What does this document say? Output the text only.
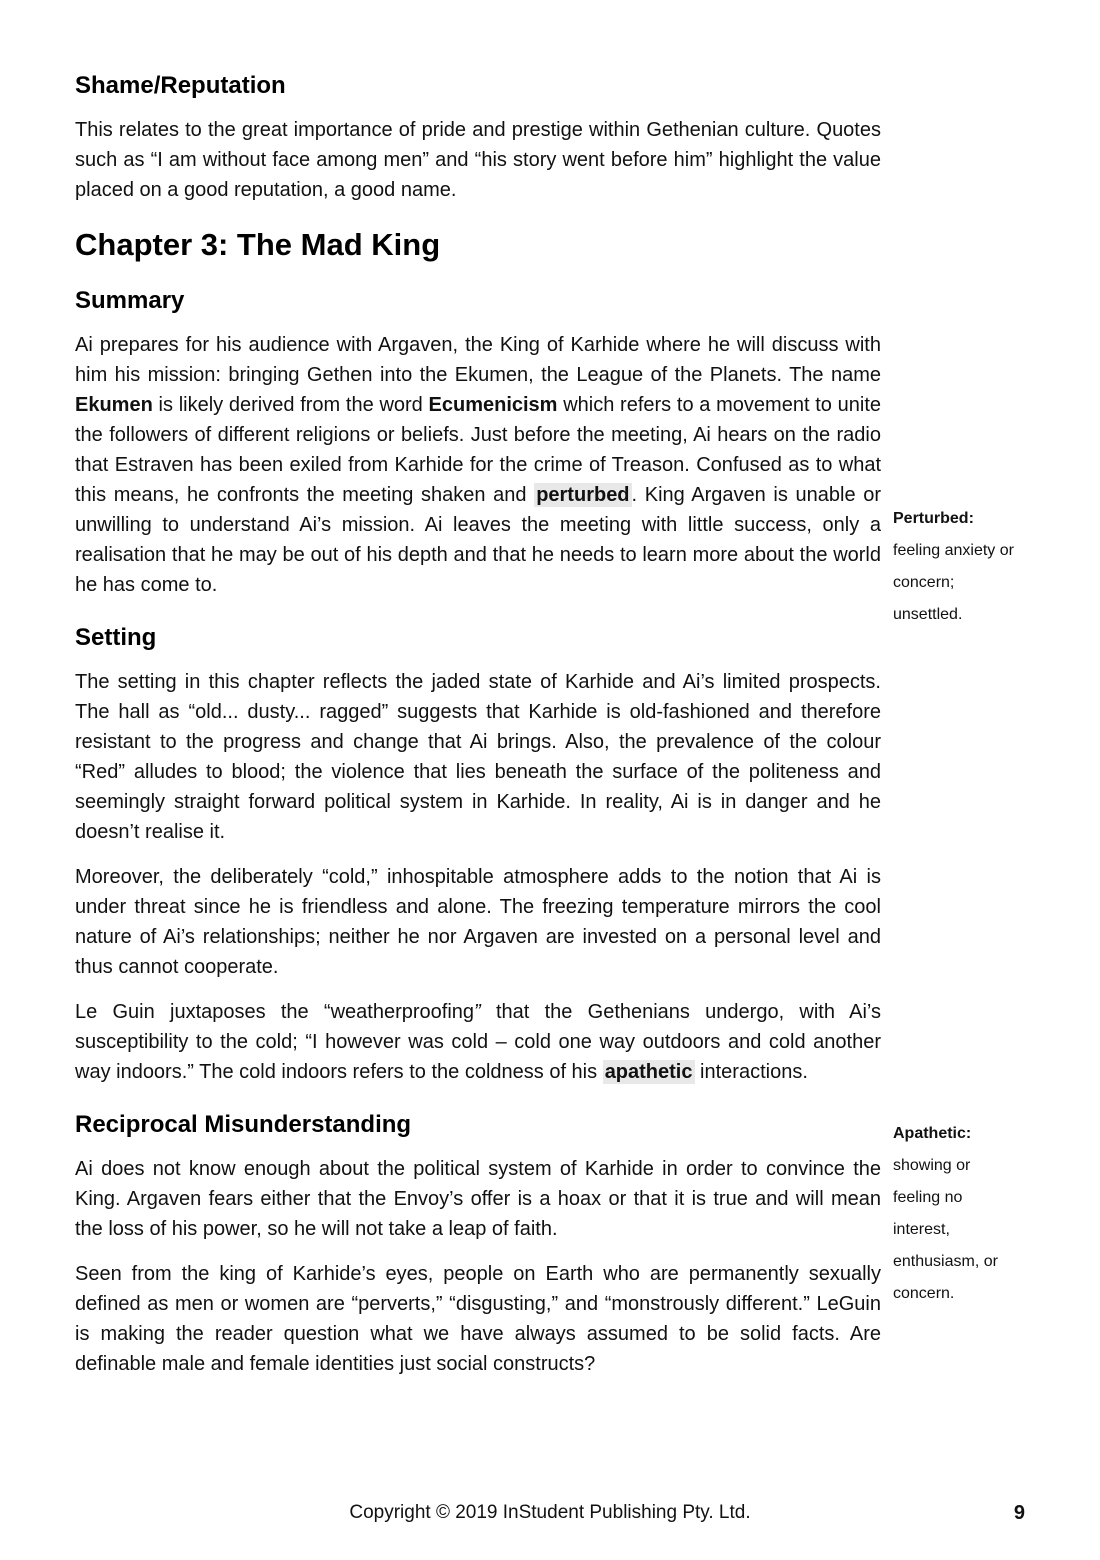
Shame/Reputation

This relates to the great importance of pride and prestige within Gethenian culture. Quotes such as “I am without face among men” and “his story went before him” highlight the value placed on a good reputation, a good name.

Chapter 3: The Mad King
Summary

Ai prepares for his audience with Argaven, the King of Karhide where he will discuss with him his mission: bringing Gethen into the Ekumen, the League of the Planets. The name Ekumen is likely derived from the word Ecumenicism which refers to a movement to unite the followers of different religions or beliefs. Just before the meeting, Ai hears on the radio that Estraven has been exiled from Karhide for the crime of Treason. Confused as to what this means, he confronts the meeting shaken and perturbed . King Argaven is unable or unwilling to understand Ai’s mission. Ai leaves the meeting with little success, only a realisation that he may be out of his depth and that he needs to learn more about the world he has come to.

Setting

The setting in this chapter reflects the jaded state of Karhide and Ai’s limited prospects. The hall as “old... dusty... ragged” suggests that Karhide is old-fashioned and therefore resistant to the progress and change that Ai brings. Also, the prevalence of the colour “Red” alludes to blood; the violence that lies beneath the surface of the politeness and seemingly straight forward political system in Karhide. In reality, Ai is in danger and he doesn’t realise it.

Moreover, the deliberately “cold,” inhospitable atmosphere adds to the notion that Ai is under threat since he is friendless and alone. The freezing temperature mirrors the cool nature of Ai’s relationships; neither he nor Argaven are invested on a personal level and thus cannot cooperate.

Le Guin juxtaposes the “weatherproofing” that the Gethenians undergo, with Ai’s susceptibility to the cold; “I however was cold – cold one way outdoors and cold another way indoors.” The cold indoors refers to the coldness of his apathetic interactions.

Reciprocal Misunderstanding

Ai does not know enough about the political system of Karhide in order to convince the King. Argaven fears either that the Envoy’s offer is a hoax or that it is true and will mean the loss of his power, so he will not take a leap of faith.

Seen from the king of Karhide’s eyes, people on Earth who are permanently sexually defined as men or women are “perverts,” “disgusting,” and “monstrously different.” LeGuin is making the reader question what we have always assumed to be solid facts. Are definable male and female identities just social constructs?

Perturbed:
feeling anxiety or concern; unsettled.
Apathetic:
showing or feeling no interest, enthusiasm, or concern.
Copyright © 2019 InStudent Publishing Pty. Ltd.	9
